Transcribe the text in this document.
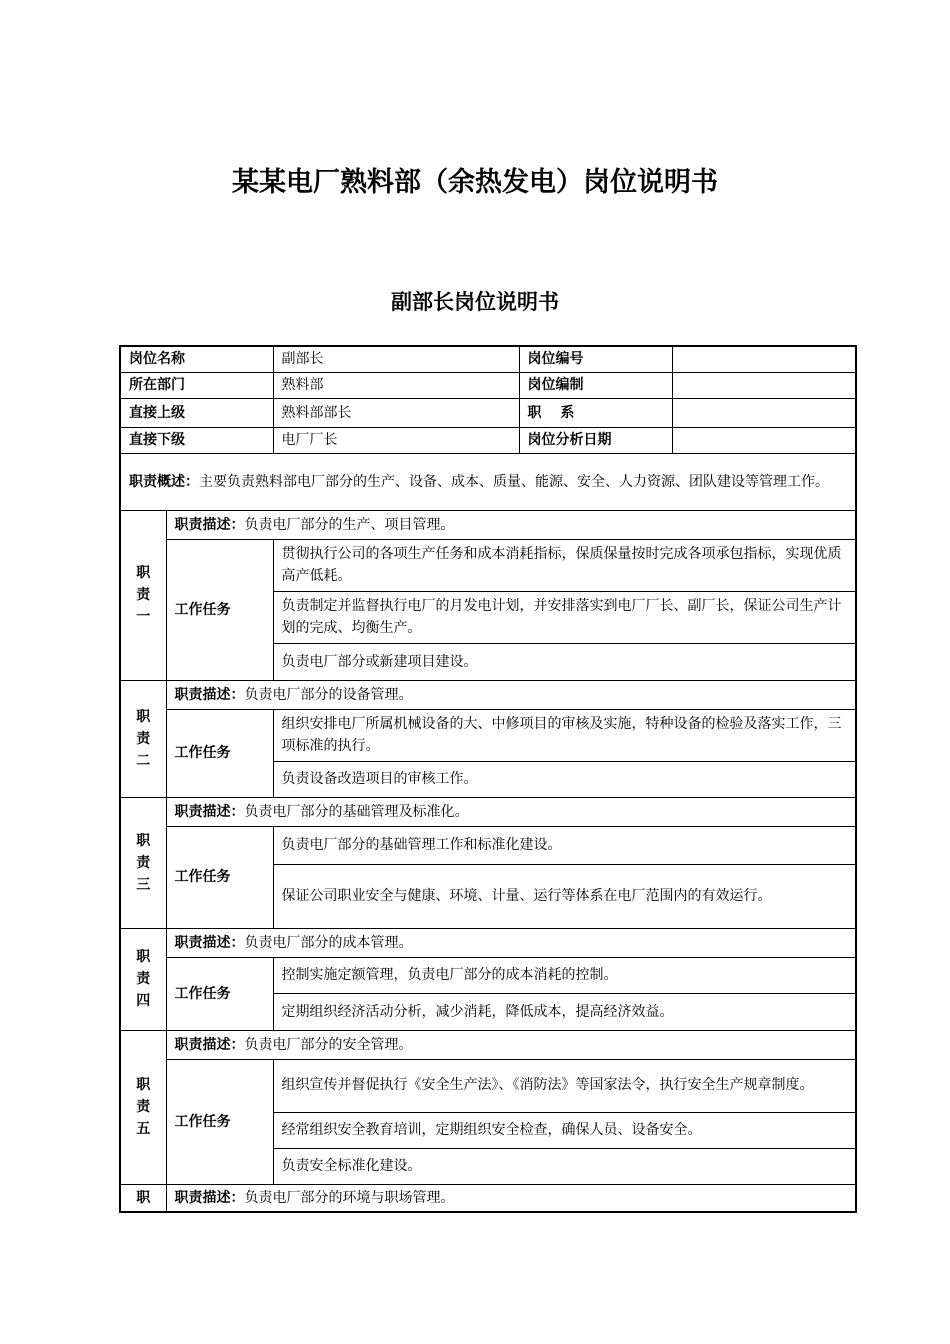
某某电厂熟料部（余热发电）岗位说明书
副部长岗位说明书
岗位名称		副部长	岗位编号	
所在部门		熟料部	岗位编制	
直接上级		熟料部部长	职　 系	
直接下级		电厂厂长	岗位分析日期	
职责概述：主要负责熟料部电厂部分的生产、设备、成本、质量、能源、安全、人力资源、团队建设等管理工作。				
职
责
一	职责描述：负责电厂部分的生产、项目管理。			
	工作任务	贯彻执行公司的各项生产任务和成本消耗指标，保质保量按时完成各项承包指标，实现优质高产低耗。		
		负责制定并监督执行电厂的月发电计划，并安排落实到电厂厂长、副厂长，保证公司生产计划的完成、均衡生产。		
		负责电厂部分或新建项目建设。		
职
责
二	职责描述：负责电厂部分的设备管理。			
	工作任务	组织安排电厂所属机械设备的大、中修项目的审核及实施，特种设备的检验及落实工作，三项标准的执行。		
		负责设备改造项目的审核工作。		
职
责
三	职责描述：负责电厂部分的基础管理及标准化。			
	工作任务	负责电厂部分的基础管理工作和标准化建设。		
		保证公司职业安全与健康、环境、计量、运行等体系在电厂范围内的有效运行。		
职
责
四	职责描述：负责电厂部分的成本管理。			
	工作任务	控制实施定额管理，负责电厂部分的成本消耗的控制。		
		定期组织经济活动分析，减少消耗，降低成本，提高经济效益。		
职
责
五	职责描述：负责电厂部分的安全管理。			
	工作任务	组织宣传并督促执行《安全生产法》、《消防法》等国家法令，执行安全生产规章制度。		
		经常组织安全教育培训，定期组织安全检查，确保人员、设备安全。		
		负责安全标准化建设。		
职	职责描述：负责电厂部分的环境与职场管理。			
